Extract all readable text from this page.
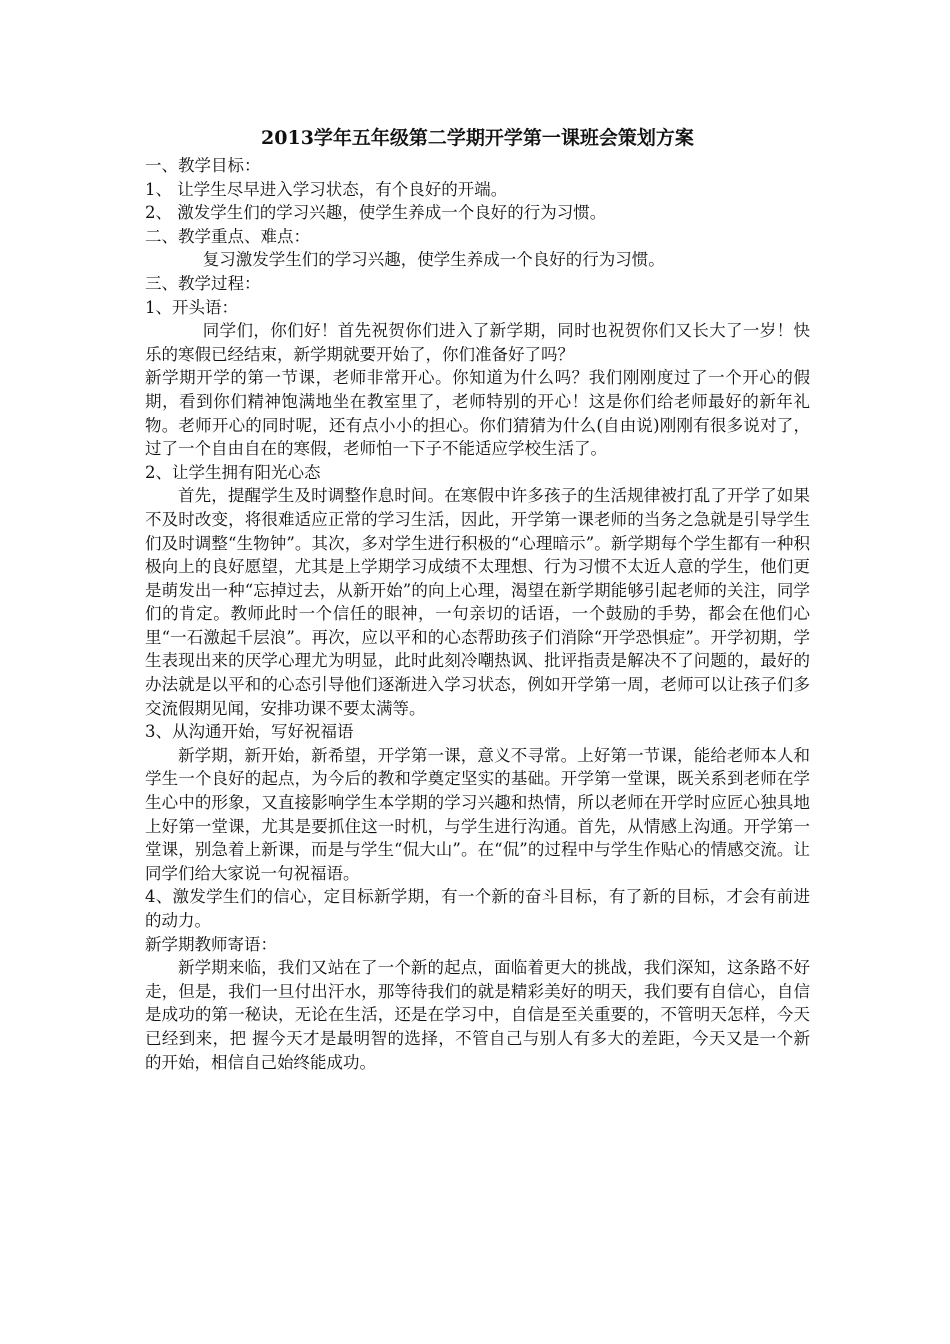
2013学年五年级第二学期开学第一课班会策划方案

一、教学目标：

1、 让学生尽早进入学习状态，有个良好的开端。

2、 激发学生们的学习兴趣，使学生养成一个良好的行为习惯。

二、教学重点、难点：

复习激发学生们的学习兴趣，使学生养成一个良好的行为习惯。

三、教学过程：

1、开头语：

同学们，你们好！首先祝贺你们进入了新学期，同时也祝贺你们又长大了一岁！快乐的寒假已经结束，新学期就要开始了，你们准备好了吗？

新学期开学的第一节课，老师非常开心。你知道为什么吗？我们刚刚度过了一个开心的假期，看到你们精神饱满地坐在教室里了，老师特别的开心！这是你们给老师最好的新年礼物。老师开心的同时呢，还有点小小的担心。你们猜猜为什么(自由说)刚刚有很多说对了，过了一个自由自在的寒假，老师怕一下子不能适应学校生活了。

2、让学生拥有阳光心态

首先，提醒学生及时调整作息时间。在寒假中许多孩子的生活规律被打乱了开学了如果不及时改变，将很难适应正常的学习生活，因此，开学第一课老师的当务之急就是引导学生们及时调整“生物钟”。其次，多对学生进行积极的“心理暗示”。新学期每个学生都有一种积极向上的良好愿望，尤其是上学期学习成绩不太理想、行为习惯不太近人意的学生，他们更是萌发出一种“忘掉过去，从新开始”的向上心理，渴望在新学期能够引起老师的关注，同学们的肯定。教师此时一个信任的眼神，一句亲切的话语，一个鼓励的手势，都会在他们心里“一石激起千层浪”。再次，应以平和的心态帮助孩子们消除“开学恐惧症”。开学初期，学生表现出来的厌学心理尤为明显，此时此刻冷嘲热讽、批评指责是解决不了问题的，最好的办法就是以平和的心态引导他们逐渐进入学习状态，例如开学第一周，老师可以让孩子们多交流假期见闻，安排功课不要太满等。

3、从沟通开始，写好祝福语

新学期，新开始，新希望，开学第一课，意义不寻常。上好第一节课，能给老师本人和学生一个良好的起点，为今后的教和学奠定坚实的基础。开学第一堂课，既关系到老师在学生心中的形象，又直接影响学生本学期的学习兴趣和热情，所以老师在开学时应匠心独具地上好第一堂课，尤其是要抓住这一时机，与学生进行沟通。首先，从情感上沟通。开学第一堂课，别急着上新课，而是与学生“侃大山”。在“侃”的过程中与学生作贴心的情感交流。让同学们给大家说一句祝福语。

4、激发学生们的信心，定目标新学期，有一个新的奋斗目标，有了新的目标，才会有前进的动力。

新学期教师寄语：

新学期来临，我们又站在了一个新的起点，面临着更大的挑战，我们深知，这条路不好走，但是，我们一旦付出汗水，那等待我们的就是精彩美好的明天，我们要有自信心，自信是成功的第一秘诀，无论在生活，还是在学习中，自信是至关重要的，不管明天怎样，今天已经到来，把 握今天才是最明智的选择，不管自己与别人有多大的差距，今天又是一个新的开始，相信自己始终能成功。
